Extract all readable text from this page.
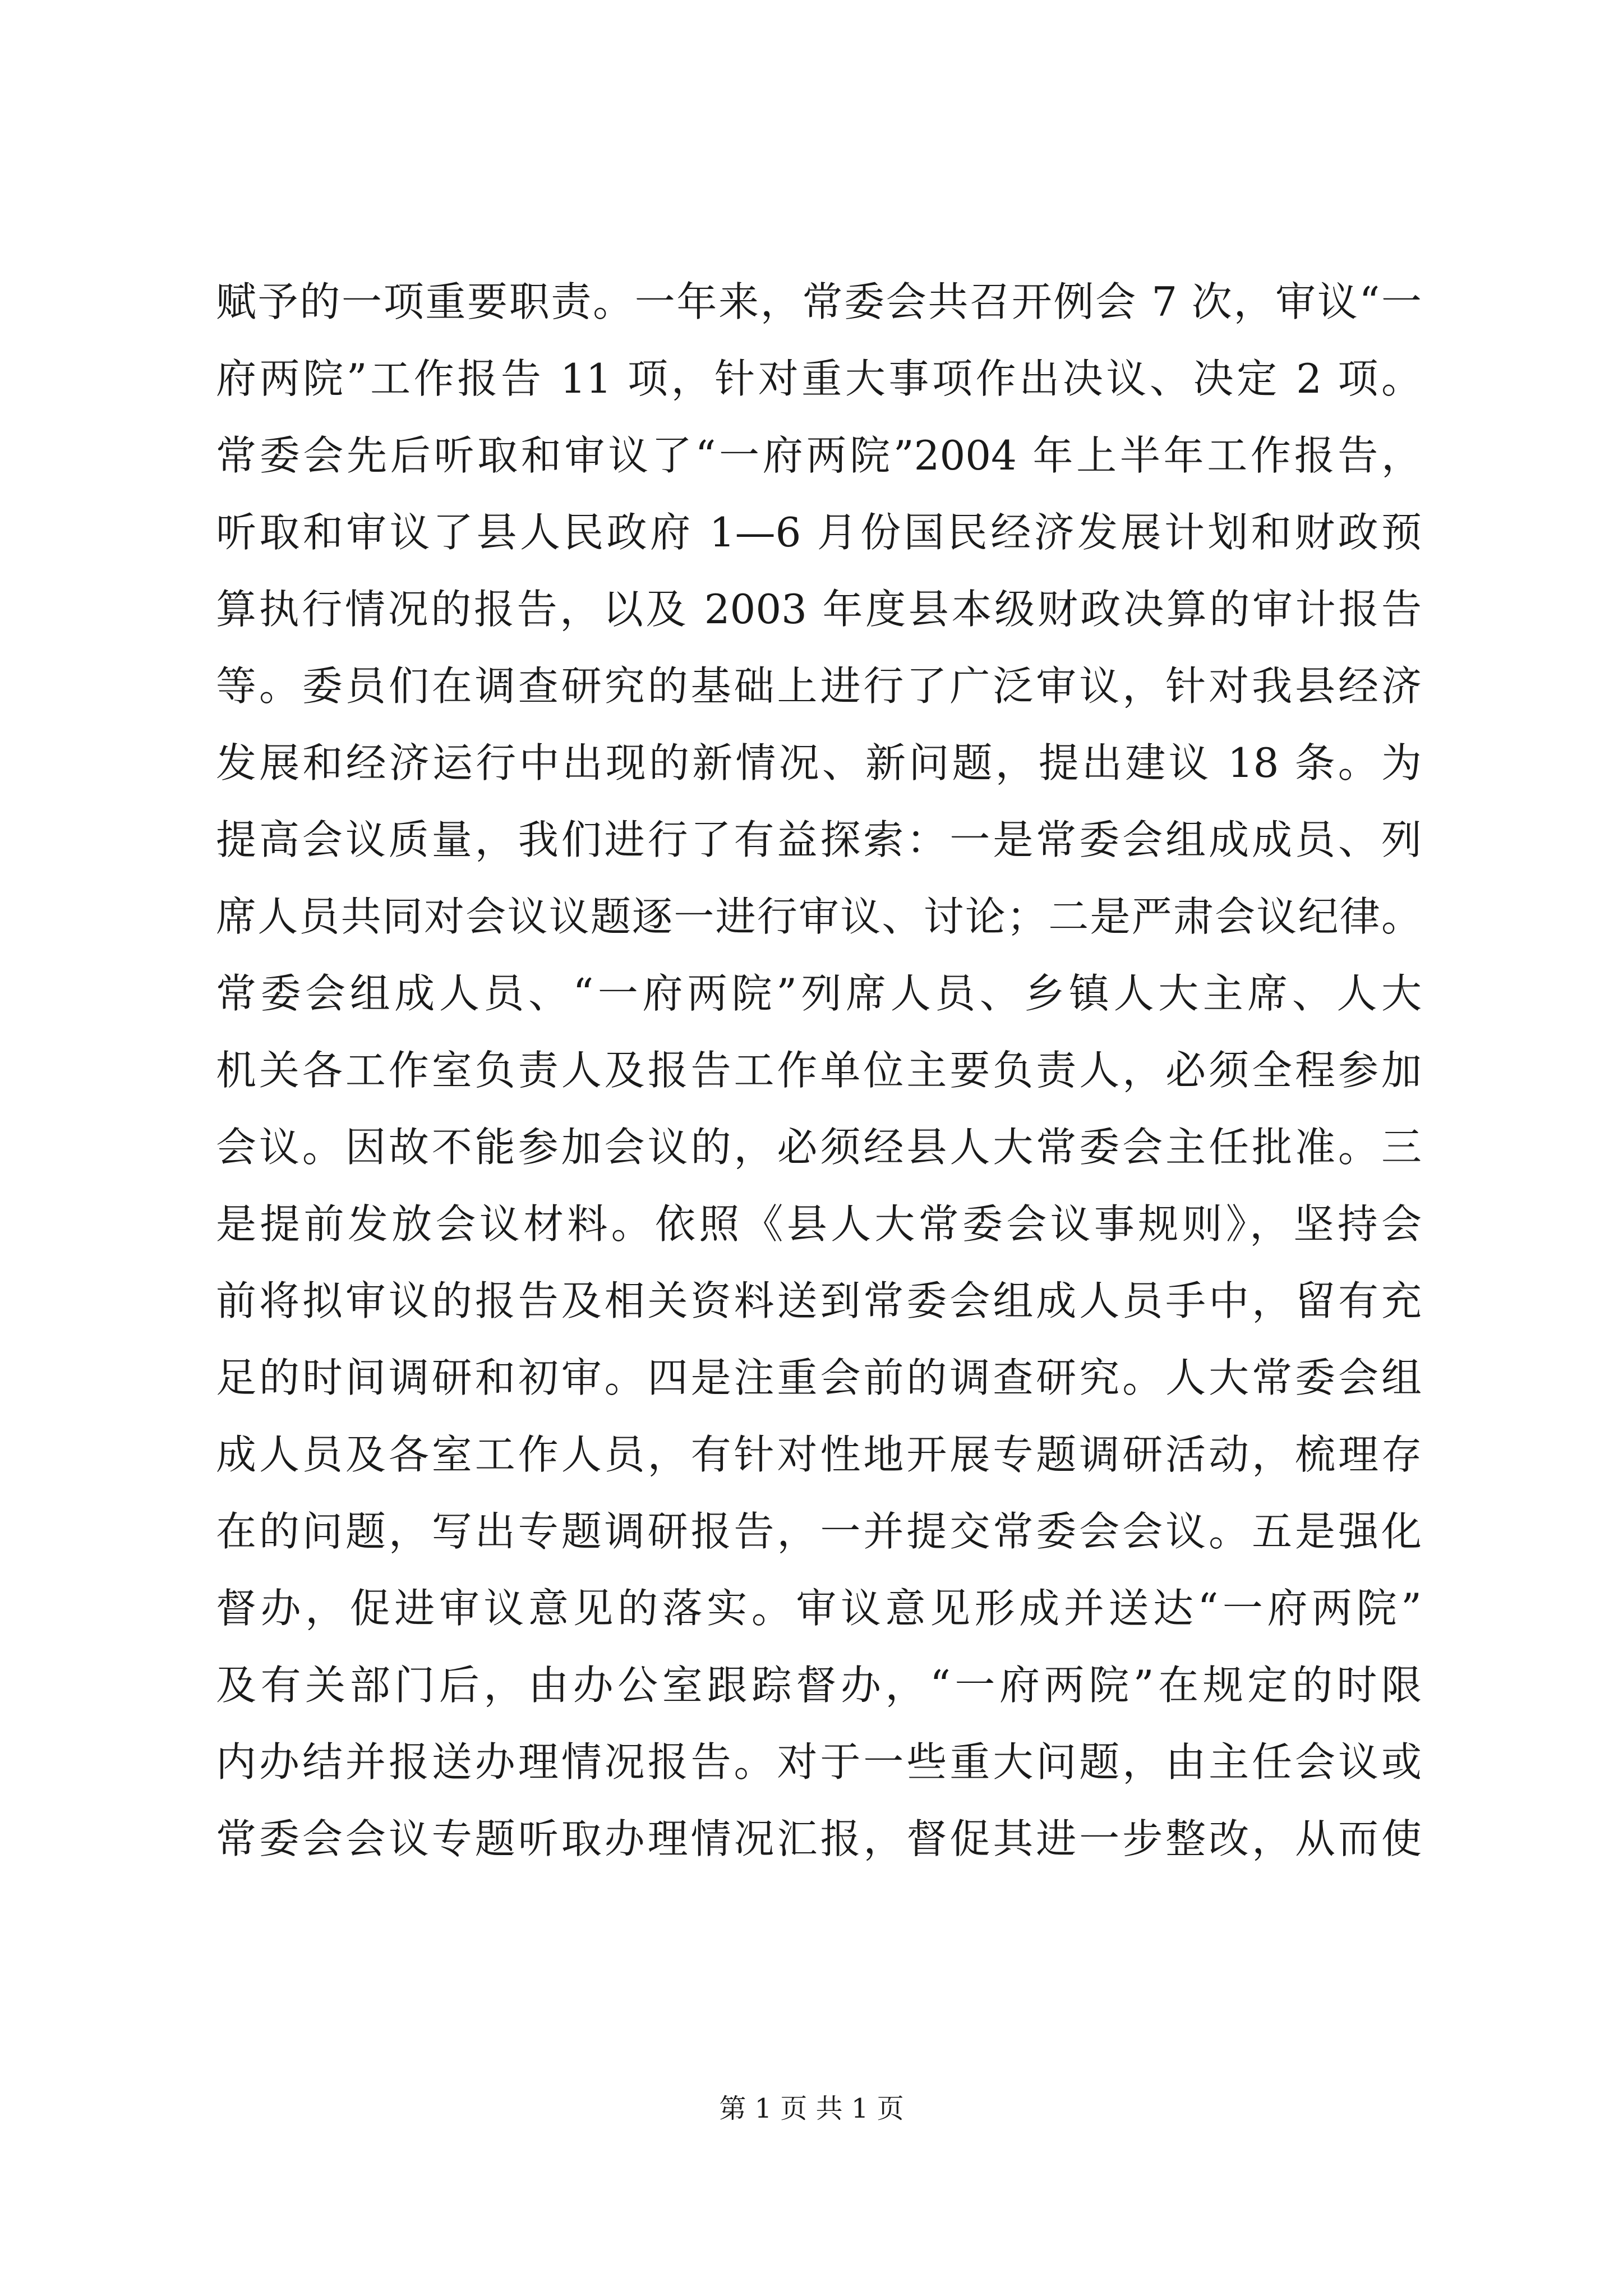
赋予的一项重要职责。一年来，常委会共召开例会 7 次，审议“一
府两院”工作报告 11 项，针对重大事项作出决议、决定 2 项。
常委会先后听取和审议了“一府两院”2004 年上半年工作报告，
听取和审议了县人民政府 1—6 月份国民经济发展计划和财政预
算执行情况的报告，以及 2003 年度县本级财政决算的审计报告
等。委员们在调查研究的基础上进行了广泛审议，针对我县经济
发展和经济运行中出现的新情况、新问题，提出建议 18 条。为
提高会议质量，我们进行了有益探索：一是常委会组成成员、列
席人员共同对会议议题逐一进行审议、讨论；二是严肃会议纪律。
常委会组成人员、“一府两院”列席人员、乡镇人大主席、人大
机关各工作室负责人及报告工作单位主要负责人，必须全程参加
会议。因故不能参加会议的，必须经县人大常委会主任批准。三
是提前发放会议材料。依照《县人大常委会议事规则》，坚持会
前将拟审议的报告及相关资料送到常委会组成人员手中，留有充
足的时间调研和初审。四是注重会前的调查研究。人大常委会组
成人员及各室工作人员，有针对性地开展专题调研活动，梳理存
在的问题，写出专题调研报告，一并提交常委会会议。五是强化
督办，促进审议意见的落实。审议意见形成并送达“一府两院”
及有关部门后，由办公室跟踪督办，“一府两院”在规定的时限
内办结并报送办理情况报告。对于一些重大问题，由主任会议或
常委会会议专题听取办理情况汇报，督促其进一步整改，从而使
第 1 页 共 1 页
